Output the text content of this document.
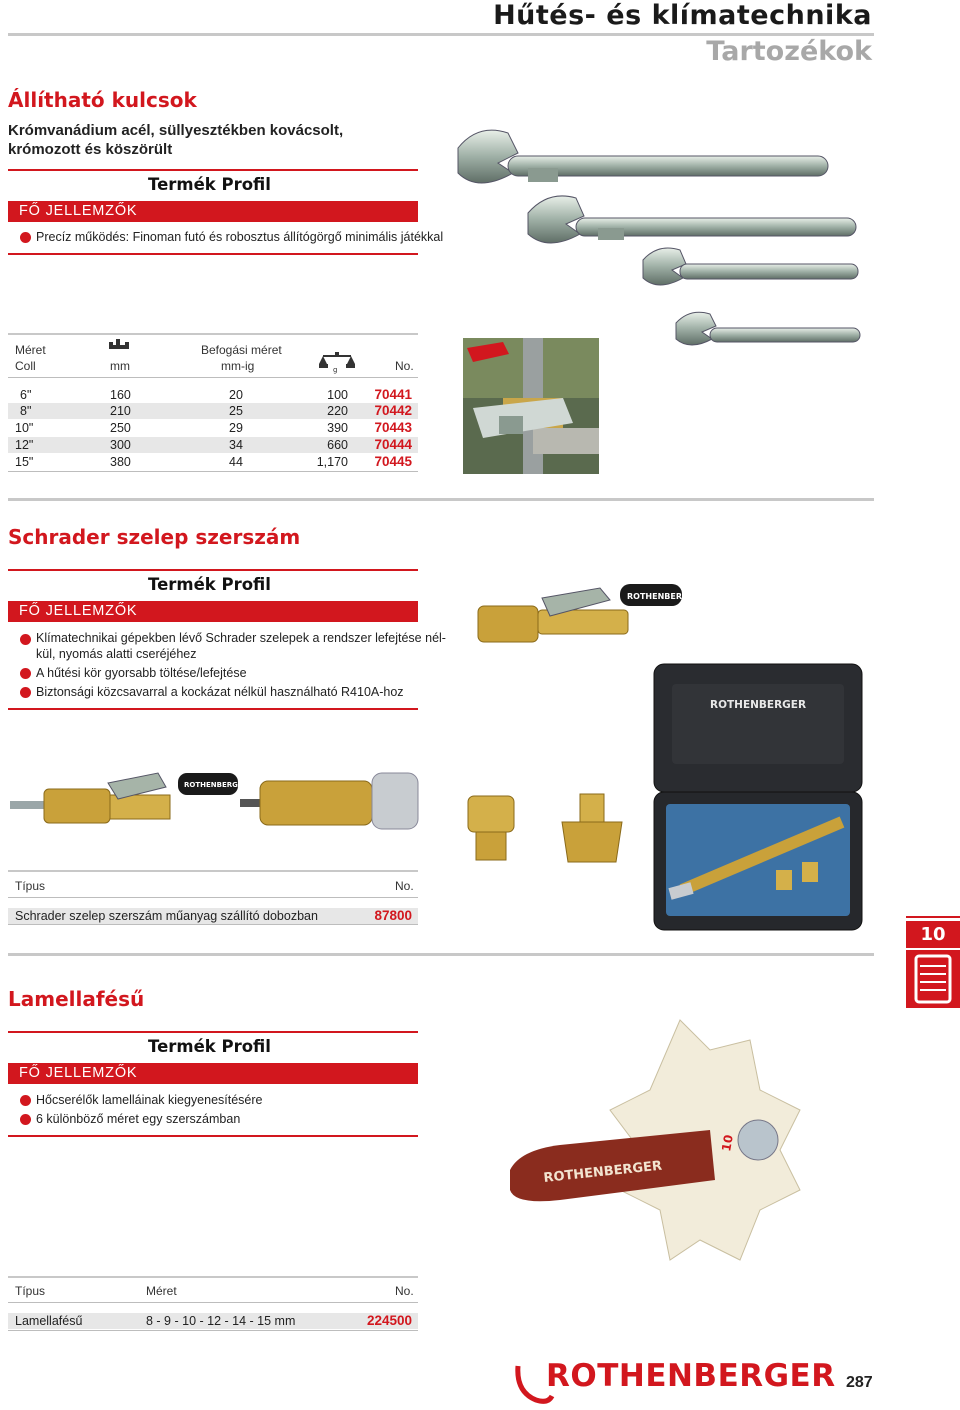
Hűtés- és klímatechnika
Tartozékok
Állítható kulcsok
Krómvanádium acél, süllyesztékben kovácsolt, krómozott és köszörült
Termék Profil
FŐ JELLEMZŐK
Precíz működés: Finoman futó és robosztus állítógörgő minimális játékkal
Méret	Befogási méret
Coll	mm	mm-ig	g	No.
6"	160	20	100 70441
8"	210	25	220 70442
10"	250	29	390 70443
12"	300	34	660 70444
15"	380	44	1,170 70445
Schrader szelep szerszám
Termék Profil
FŐ JELLEMZŐK
Klímatechnikai gépekben lévő Schrader szelepek a rendszer lefejtése nél-
kül, nyomás alatti cseréjéhez
A hűtési kör gyorsabb töltése/lefejtése
Biztonsági közcsavarral a kockázat nélkül használható R410A-hoz
ROTHENBERGER
ROTHENBERGER
ROTHENBERGER
Típus	No.
Schrader szelep szerszám műanyag szállító dobozban	87800
10
Lamellafésű
Termék Profil
FŐ JELLEMZŐK
Hőcserélők lamelláinak kiegyenesítésére
6 különböző méret egy szerszámban
ROTHENBERGER
10
Típus	Méret	No.
Lamellafésű	8 - 9 - 10 - 12 - 14 - 15 mm	224500
ROTHENBERGER 287
